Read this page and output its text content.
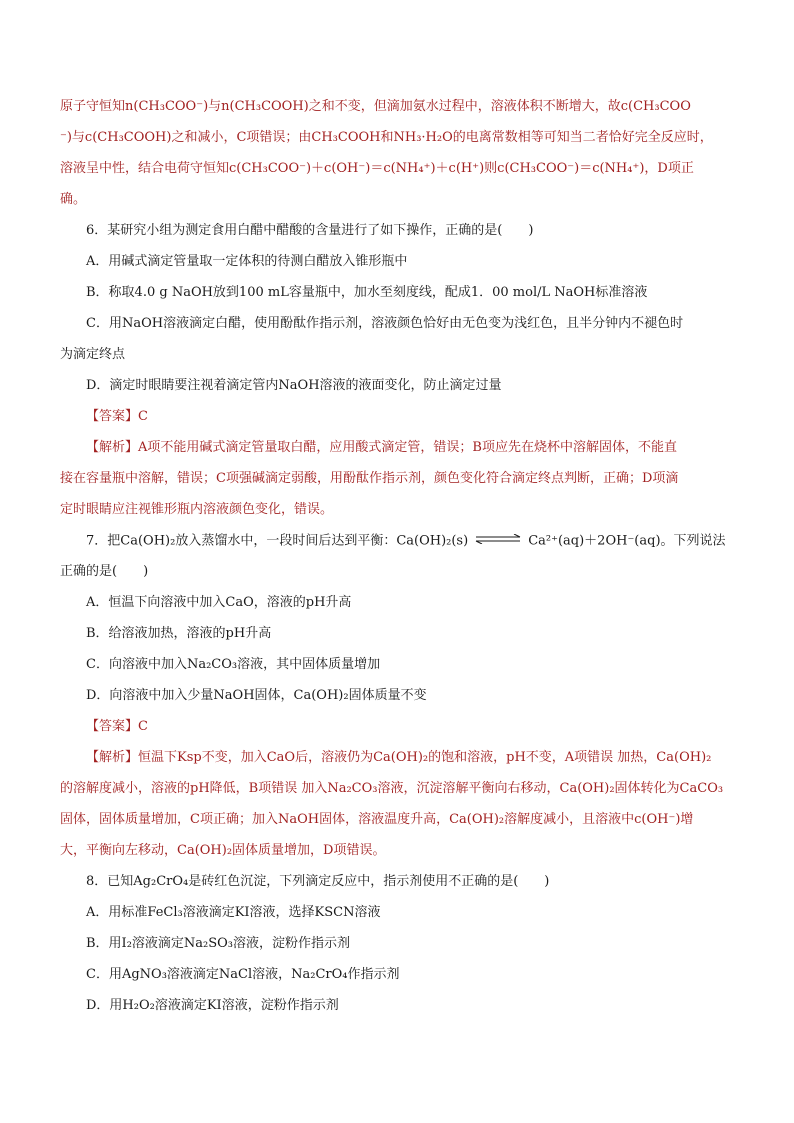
原子守恒知n(CH₃COO⁻)与n(CH₃COOH)之和不变，但滴加氨水过程中，溶液体积不断增大，故c(CH₃COO
⁻)与c(CH₃COOH)之和减小，C项错误；由CH₃COOH和NH₃·H₂O的电离常数相等可知当二者恰好完全反应时，
溶液呈中性，结合电荷守恒知c(CH₃COO⁻)＋c(OH⁻)＝c(NH₄⁺)＋c(H⁺)则c(CH₃COO⁻)＝c(NH₄⁺)，D项正
确。
6．某研究小组为测定食用白醋中醋酸的含量进行了如下操作，正确的是(　　)
A．用碱式滴定管量取一定体积的待测白醋放入锥形瓶中
B．称取4.0 g NaOH放到100 mL容量瓶中，加水至刻度线，配成1．00 mol/L NaOH标准溶液
C．用NaOH溶液滴定白醋，使用酚酞作指示剂，溶液颜色恰好由无色变为浅红色，且半分钟内不褪色时
为滴定终点
D．滴定时眼睛要注视着滴定管内NaOH溶液的液面变化，防止滴定过量
【答案】C
【解析】A项不能用碱式滴定管量取白醋，应用酸式滴定管，错误；B项应先在烧杯中溶解固体，不能直
接在容量瓶中溶解，错误；C项强碱滴定弱酸，用酚酞作指示剂，颜色变化符合滴定终点判断，正确；D项滴
定时眼睛应注视锥形瓶内溶液颜色变化，错误。
7．把Ca(OH)₂放入蒸馏水中，一段时间后达到平衡：Ca(OH)₂(s) ⇌ Ca²⁺(aq)＋2OH⁻(aq)。下列说法
正确的是(　　)
A．恒温下向溶液中加入CaO，溶液的pH升高
B．给溶液加热，溶液的pH升高
C．向溶液中加入Na₂CO₃溶液，其中固体质量增加
D．向溶液中加入少量NaOH固体，Ca(OH)₂固体质量不变
【答案】C
【解析】恒温下Ksp不变，加入CaO后，溶液仍为Ca(OH)₂的饱和溶液，pH不变，A项错误 加热，Ca(OH)₂
的溶解度减小，溶液的pH降低，B项错误 加入Na₂CO₃溶液，沉淀溶解平衡向右移动，Ca(OH)₂固体转化为CaCO₃
固体，固体质量增加，C项正确；加入NaOH固体，溶液温度升高，Ca(OH)₂溶解度减小，且溶液中c(OH⁻)增
大，平衡向左移动，Ca(OH)₂固体质量增加，D项错误。
8．已知Ag₂CrO₄是砖红色沉淀，下列滴定反应中，指示剂使用不正确的是(　　)
A．用标准FeCl₃溶液滴定KI溶液，选择KSCN溶液
B．用I₂溶液滴定Na₂SO₃溶液，淀粉作指示剂
C．用AgNO₃溶液滴定NaCl溶液，Na₂CrO₄作指示剂
D．用H₂O₂溶液滴定KI溶液，淀粉作指示剂
